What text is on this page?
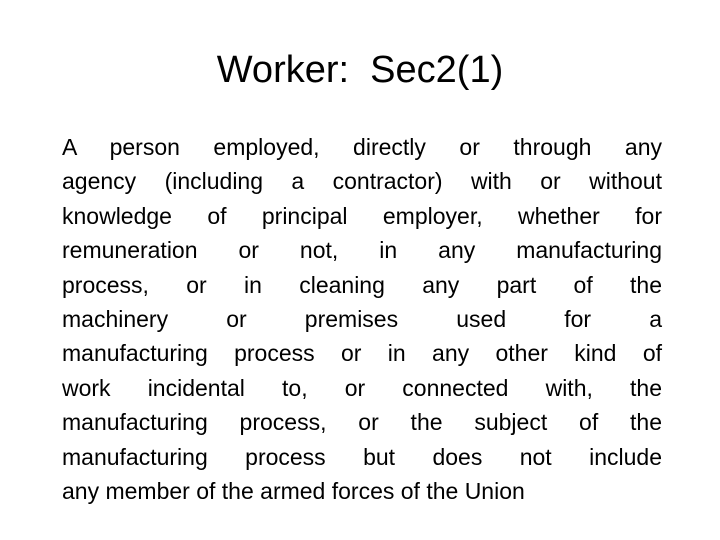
Worker:  Sec2(1)
A person employed, directly or through any
agency (including a contractor) with or without
knowledge of principal employer, whether for
remuneration or not, in any manufacturing
process, or in cleaning any part of the
machinery or premises used for a
manufacturing process or in any other kind of
work incidental to, or connected with, the
manufacturing process, or the subject of the
manufacturing process but does not include
any member of the armed forces of the Union
